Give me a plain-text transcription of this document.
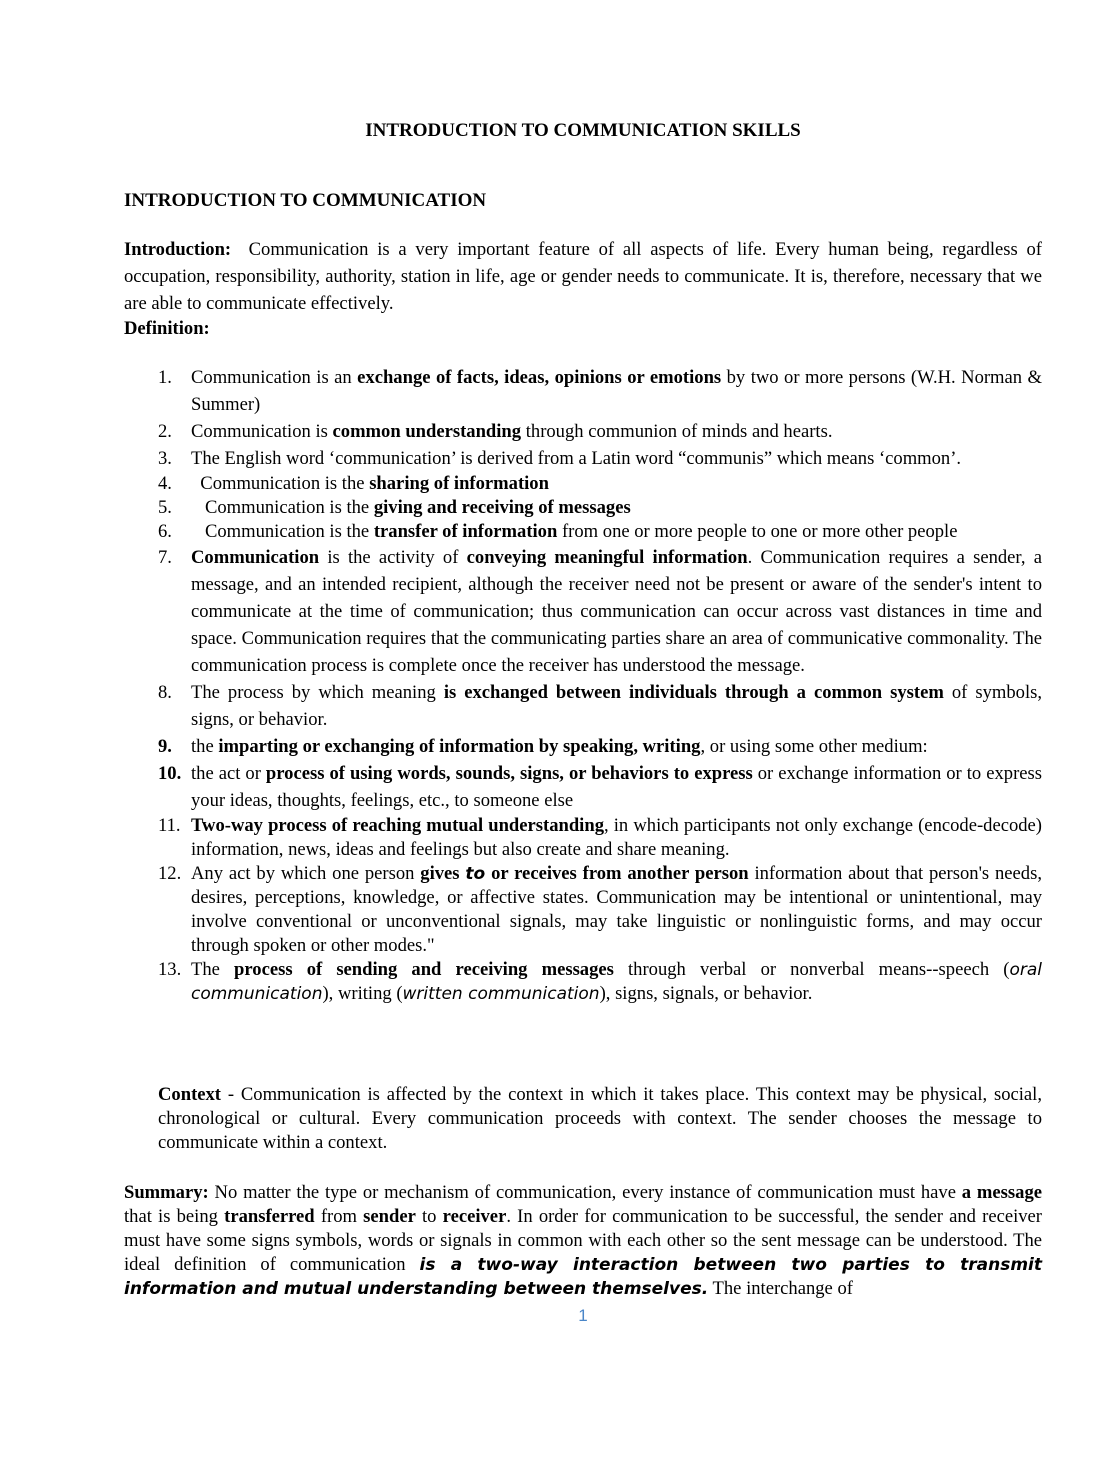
INTRODUCTION TO COMMUNICATION SKILLS
INTRODUCTION TO COMMUNICATION

Introduction: Communication is a very important feature of all aspects of life. Every human being, regardless of occupation, responsibility, authority, station in life, age or gender needs to communicate. It is, therefore, necessary that we are able to communicate effectively.

Definition:
1. Communication is an exchange of facts, ideas, opinions or emotions by two or more persons (W.H. Norman & Summer)
2. Communication is common understanding through communion of minds and hearts.
3. The English word ‘communication’ is derived from a Latin word “communis” which means ‘common’.
4. Communication is the sharing of information
5. Communication is the giving and receiving of messages
6. Communication is the transfer of information from one or more people to one or more other people
7. Communication is the activity of conveying meaningful information. Communication requires a sender, a message, and an intended recipient, although the receiver need not be present or aware of the sender's intent to communicate at the time of communication; thus communication can occur across vast distances in time and space. Communication requires that the communicating parties share an area of communicative commonality. The communication process is complete once the receiver has understood the message.
8. The process by which meaning is exchanged between individuals through a common system of symbols, signs, or behavior.
9. the imparting or exchanging of information by speaking, writing, or using some other medium:
10. the act or process of using words, sounds, signs, or behaviors to express or exchange information or to express your ideas, thoughts, feelings, etc., to someone else
11. Two-way process of reaching mutual understanding, in which participants not only exchange (encode-decode) information, news, ideas and feelings but also create and share meaning.
12. Any act by which one person gives to or receives from another person information about that person's needs, desires, perceptions, knowledge, or affective states. Communication may be intentional or unintentional, may involve conventional or unconventional signals, may take linguistic or nonlinguistic forms, and may occur through spoken or other modes."
13. The process of sending and receiving messages through verbal or nonverbal means--speech (oral communication), writing (written communication), signs, signals, or behavior.

Context - Communication is affected by the context in which it takes place. This context may be physical, social, chronological or cultural. Every communication proceeds with context. The sender chooses the message to communicate within a context.

Summary: No matter the type or mechanism of communication, every instance of communication must have a message that is being transferred from sender to receiver. In order for communication to be successful, the sender and receiver must have some signs symbols, words or signals in common with each other so the sent message can be understood. The ideal definition of communication is a two-way interaction between two parties to transmit information and mutual understanding between themselves. The interchange of

1
